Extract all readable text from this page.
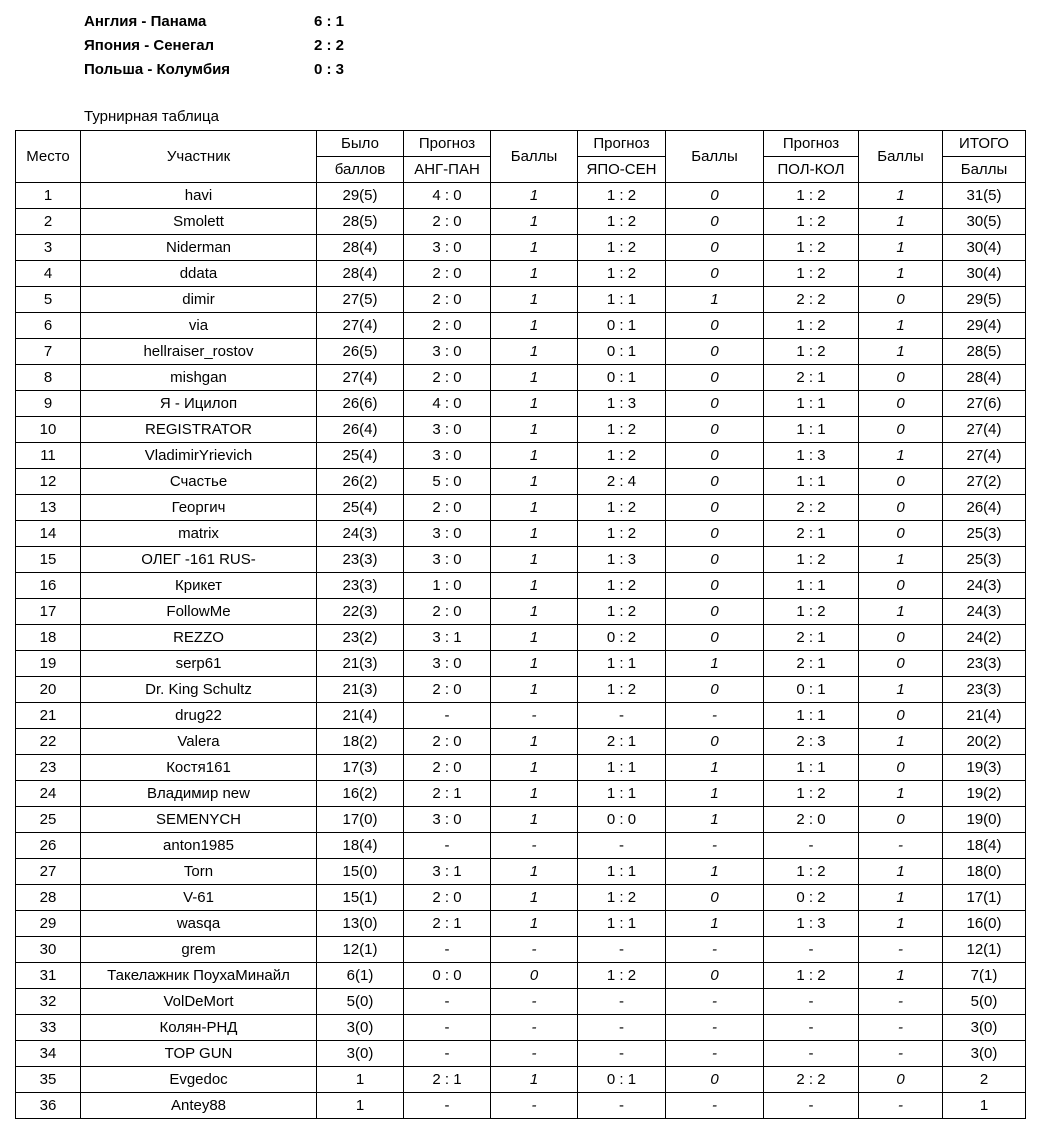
Англия - Панама	6 : 1
Япония - Сенегал	2 : 2
Польша - Колумбия	0 : 3
Турнирная таблица
Место	Участник	Было	Прогноз	Баллы	Прогноз	Баллы	Прогноз	Баллы	ИТОГО
		баллов	АНГ-ПАН		ЯПО-СЕН		ПОЛ-КОЛ		Баллы
1	havi	29(5)	4 : 0	1	1 : 2	0	1 : 2	1	31(5)
2	Smolett	28(5)	2 : 0	1	1 : 2	0	1 : 2	1	30(5)
3	Niderman	28(4)	3 : 0	1	1 : 2	0	1 : 2	1	30(4)
4	ddata	28(4)	2 : 0	1	1 : 2	0	1 : 2	1	30(4)
5	dimir	27(5)	2 : 0	1	1 : 1	1	2 : 2	0	29(5)
6	via	27(4)	2 : 0	1	0 : 1	0	1 : 2	1	29(4)
7	hellraiser_rostov	26(5)	3 : 0	1	0 : 1	0	1 : 2	1	28(5)
8	mishgan	27(4)	2 : 0	1	0 : 1	0	2 : 1	0	28(4)
9	Я - Ицилоп	26(6)	4 : 0	1	1 : 3	0	1 : 1	0	27(6)
10	REGISTRATOR	26(4)	3 : 0	1	1 : 2	0	1 : 1	0	27(4)
11	VladimirYrievich	25(4)	3 : 0	1	1 : 2	0	1 : 3	1	27(4)
12	Счастье	26(2)	5 : 0	1	2 : 4	0	1 : 1	0	27(2)
13	Георгич	25(4)	2 : 0	1	1 : 2	0	2 : 2	0	26(4)
14	matrix	24(3)	3 : 0	1	1 : 2	0	2 : 1	0	25(3)
15	ОЛЕГ -161 RUS-	23(3)	3 : 0	1	1 : 3	0	1 : 2	1	25(3)
16	Крикет	23(3)	1 : 0	1	1 : 2	0	1 : 1	0	24(3)
17	FollowMe	22(3)	2 : 0	1	1 : 2	0	1 : 2	1	24(3)
18	REZZO	23(2)	3 : 1	1	0 : 2	0	2 : 1	0	24(2)
19	serp61	21(3)	3 : 0	1	1 : 1	1	2 : 1	0	23(3)
20	Dr. King Schultz	21(3)	2 : 0	1	1 : 2	0	0 : 1	1	23(3)
21	drug22	21(4)	-	-	-	-	1 : 1	0	21(4)
22	Valera	18(2)	2 : 0	1	2 : 1	0	2 : 3	1	20(2)
23	Костя161	17(3)	2 : 0	1	1 : 1	1	1 : 1	0	19(3)
24	Владимир new	16(2)	2 : 1	1	1 : 1	1	1 : 2	1	19(2)
25	SEMENYCH	17(0)	3 : 0	1	0 : 0	1	2 : 0	0	19(0)
26	anton1985	18(4)	-	-	-	-	-	-	18(4)
27	Torn	15(0)	3 : 1	1	1 : 1	1	1 : 2	1	18(0)
28	V-61	15(1)	2 : 0	1	1 : 2	0	0 : 2	1	17(1)
29	wasqa	13(0)	2 : 1	1	1 : 1	1	1 : 3	1	16(0)
30	grem	12(1)	-	-	-	-	-	-	12(1)
31	Такелажник ПоухаМинайл	6(1)	0 : 0	0	1 : 2	0	1 : 2	1	7(1)
32	VolDeMort	5(0)	-	-	-	-	-	-	5(0)
33	Колян-РНД	3(0)	-	-	-	-	-	-	3(0)
34	TOP GUN	3(0)	-	-	-	-	-	-	3(0)
35	Evgedoc	1	2 : 1	1	0 : 1	0	2 : 2	0	2
36	Antey88	1	-	-	-	-	-	-	1
